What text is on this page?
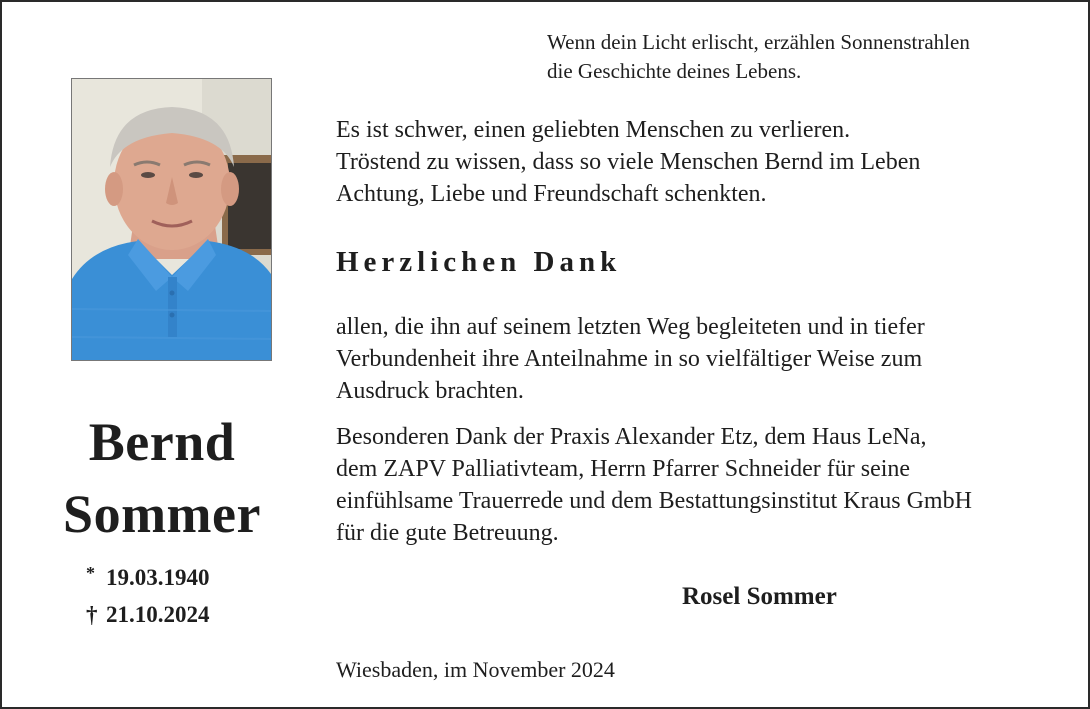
Wenn dein Licht erlischt, erzählen Sonnenstrahlen
die Geschichte deines Lebens.
Bernd
Sommer
* 19.03.1940
† 21.10.2024
Es ist schwer, einen geliebten Menschen zu verlieren.
Tröstend zu wissen, dass so viele Menschen Bernd im Leben
Achtung, Liebe und Freundschaft schenkten.
Herzlichen Dank
allen, die ihn auf seinem letzten Weg begleiteten und in tiefer
Verbundenheit ihre Anteilnahme in so vielfältiger Weise zum
Ausdruck brachten.
Besonderen Dank der Praxis Alexander Etz, dem Haus LeNa,
dem ZAPV Palliativteam, Herrn Pfarrer Schneider für seine
einfühlsame Trauerrede und dem Bestattungsinstitut Kraus GmbH
für die gute Betreuung.
Rosel Sommer
Wiesbaden, im November 2024
